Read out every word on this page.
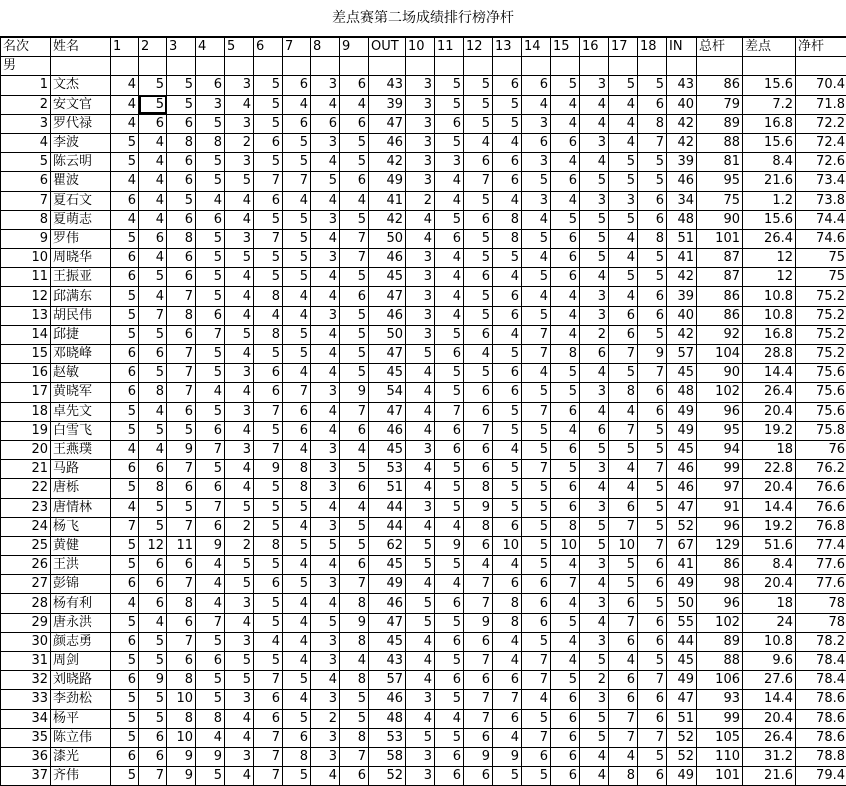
差点赛第二场成绩排行榜净杆
名次	姓名	1	2	3	4	5	6	7	8	9	OUT	10	11	12	13	14	15	16	17	18	IN	总杆	差点	净杆
男																								
1	文杰	4	5	5	6	3	5	6	3	6	43	3	5	5	6	6	5	3	5	5	43	86	15.6	70.4
2	安文官	4	5	5	3	4	5	4	4	4	39	3	5	5	5	4	4	4	4	6	40	79	7.2	71.8
3	罗代禄	4	6	6	5	3	5	6	6	6	47	3	6	5	5	3	4	4	4	8	42	89	16.8	72.2
4	李波	5	4	8	8	2	6	5	3	5	46	3	5	4	4	6	6	3	4	7	42	88	15.6	72.4
5	陈云明	5	4	6	5	3	5	5	4	5	42	3	3	6	6	3	4	4	5	5	39	81	8.4	72.6
6	瞿波	4	4	6	5	5	7	7	5	6	49	3	4	7	6	5	6	5	5	5	46	95	21.6	73.4
7	夏石文	6	4	5	4	4	6	4	4	4	41	2	4	5	4	3	4	3	3	6	34	75	1.2	73.8
8	夏萌志	4	4	6	6	4	5	5	3	5	42	4	5	6	8	4	5	5	5	6	48	90	15.6	74.4
9	罗伟	5	6	8	5	3	7	5	4	7	50	4	6	5	8	5	6	5	4	8	51	101	26.4	74.6
10	周晓华	6	4	6	5	5	5	5	3	7	46	3	4	5	5	4	6	5	4	5	41	87	12	75
11	王振亚	6	5	6	5	4	5	5	4	5	45	3	4	6	4	5	6	4	5	5	42	87	12	75
12	邱满东	5	4	7	5	4	8	4	4	6	47	3	4	5	6	4	4	3	4	6	39	86	10.8	75.2
13	胡民伟	5	7	8	6	4	4	4	3	5	46	3	4	5	6	5	4	3	6	6	40	86	10.8	75.2
14	邱捷	5	5	6	7	5	8	5	4	5	50	3	5	6	4	7	4	2	6	5	42	92	16.8	75.2
15	邓晓峰	6	6	7	5	4	5	5	4	5	47	5	6	4	5	7	8	6	7	9	57	104	28.8	75.2
16	赵敏	6	5	7	5	3	6	4	4	5	45	4	5	5	6	4	5	4	5	7	45	90	14.4	75.6
17	黄晓军	6	8	7	4	4	6	7	3	9	54	4	5	6	6	5	5	3	8	6	48	102	26.4	75.6
18	卓先文	5	4	6	5	3	7	6	4	7	47	4	7	6	5	7	6	4	4	6	49	96	20.4	75.6
19	白雪飞	5	5	5	6	4	5	6	4	6	46	4	6	7	5	5	4	6	7	5	49	95	19.2	75.8
20	王燕璞	4	4	9	7	3	7	4	3	4	45	3	6	6	4	5	6	5	5	5	45	94	18	76
21	马路	6	6	7	5	4	9	8	3	5	53	4	5	6	5	7	5	3	4	7	46	99	22.8	76.2
22	唐栎	5	8	6	6	4	5	8	3	6	51	4	5	8	5	5	6	4	4	5	46	97	20.4	76.6
23	唐情林	4	5	5	7	5	5	5	4	4	44	3	5	9	5	5	6	3	6	5	47	91	14.4	76.6
24	杨飞	7	5	7	6	2	5	4	3	5	44	4	4	8	6	5	8	5	7	5	52	96	19.2	76.8
25	黄健	5	12	11	9	2	8	5	5	5	62	5	9	6	10	5	10	5	10	7	67	129	51.6	77.4
26	王洪	5	6	6	4	5	5	4	4	6	45	5	5	4	4	5	4	3	5	6	41	86	8.4	77.6
27	彭锦	6	6	7	4	5	6	5	3	7	49	4	4	7	6	6	7	4	5	6	49	98	20.4	77.6
28	杨有利	4	6	8	4	3	5	4	4	8	46	5	6	7	8	6	4	3	6	5	50	96	18	78
29	唐永洪	5	4	6	7	4	5	4	5	9	47	5	5	9	8	6	5	4	7	6	55	102	24	78
30	颜志勇	6	5	7	5	3	4	4	3	8	45	4	6	6	4	5	4	3	6	6	44	89	10.8	78.2
31	周剑	5	5	6	6	5	5	4	3	4	43	4	5	7	4	7	4	5	4	5	45	88	9.6	78.4
32	刘晓路	6	9	8	5	5	7	5	4	8	57	4	6	6	6	7	5	2	6	7	49	106	27.6	78.4
33	李劲松	5	5	10	5	3	6	4	3	5	46	3	5	7	7	4	6	3	6	6	47	93	14.4	78.6
34	杨平	5	5	8	8	4	6	5	2	5	48	4	4	7	6	5	6	5	7	6	51	99	20.4	78.6
35	陈立伟	5	6	10	4	4	7	6	3	8	53	5	5	6	4	7	6	5	7	7	52	105	26.4	78.6
36	漆光	6	6	9	9	3	7	8	3	7	58	3	6	9	9	6	6	4	4	5	52	110	31.2	78.8
37	齐伟	5	7	9	5	4	7	5	4	6	52	3	6	6	5	5	6	4	8	6	49	101	21.6	79.4
